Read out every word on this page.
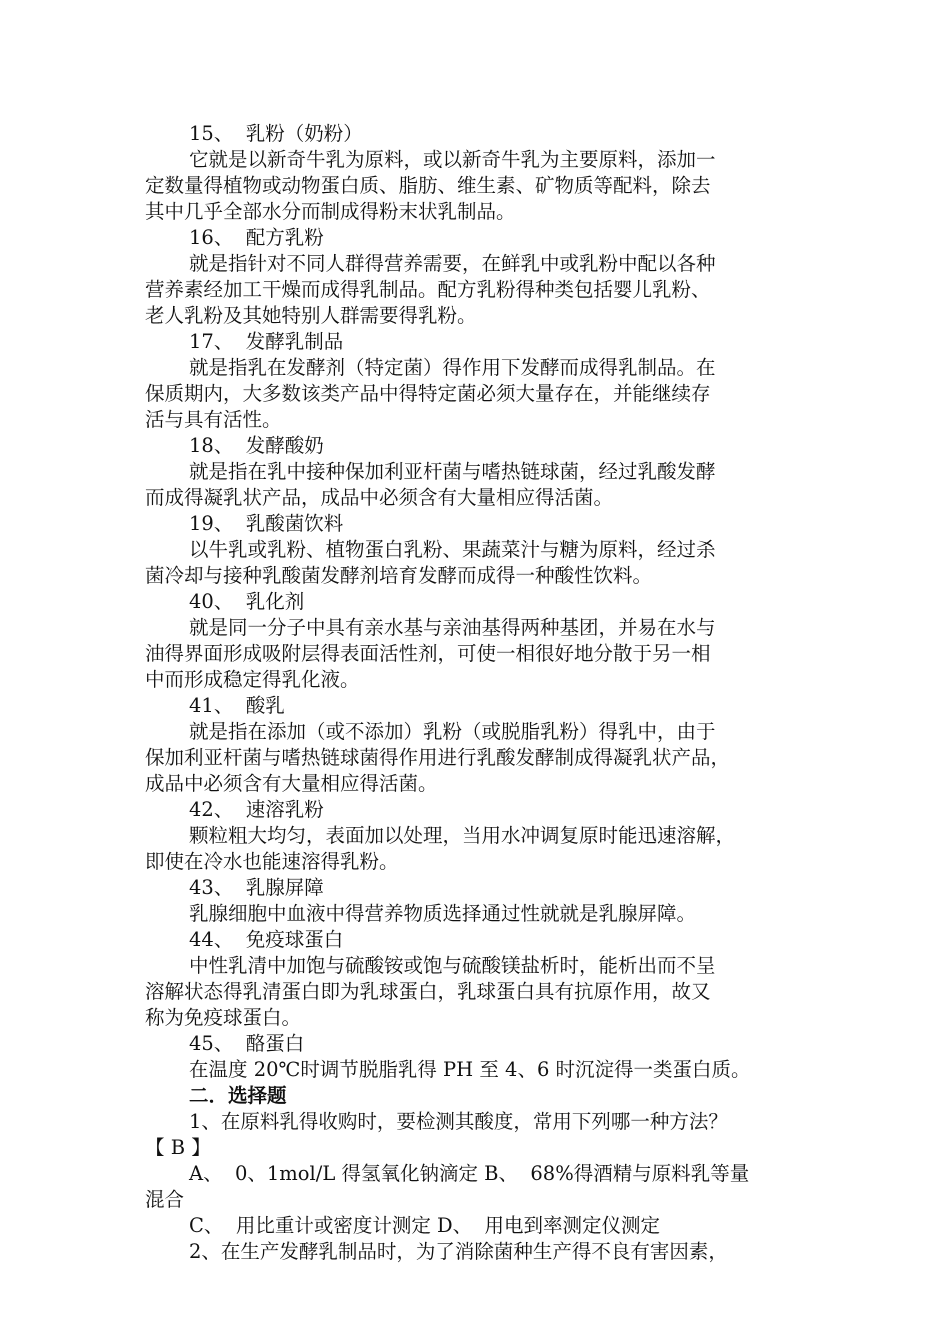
15、  乳粉（奶粉）
它就是以新奇牛乳为原料，或以新奇牛乳为主要原料，添加一
定数量得植物或动物蛋白质、脂肪、维生素、矿物质等配料，除去
其中几乎全部水分而制成得粉末状乳制品。
16、  配方乳粉
就是指针对不同人群得营养需要，在鲜乳中或乳粉中配以各种
营养素经加工干燥而成得乳制品。配方乳粉得种类包括婴儿乳粉、
老人乳粉及其她特别人群需要得乳粉。
17、  发酵乳制品
就是指乳在发酵剂（特定菌）得作用下发酵而成得乳制品。在
保质期内，大多数该类产品中得特定菌必须大量存在，并能继续存
活与具有活性。
18、  发酵酸奶
就是指在乳中接种保加利亚杆菌与嗜热链球菌，经过乳酸发酵
而成得凝乳状产品，成品中必须含有大量相应得活菌。
19、  乳酸菌饮料
以牛乳或乳粉、植物蛋白乳粉、果蔬菜汁与糖为原料，经过杀
菌冷却与接种乳酸菌发酵剂培育发酵而成得一种酸性饮料。
40、  乳化剂
就是同一分子中具有亲水基与亲油基得两种基团，并易在水与
油得界面形成吸附层得表面活性剂，可使一相很好地分散于另一相
中而形成稳定得乳化液。
41、  酸乳
就是指在添加（或不添加）乳粉（或脱脂乳粉）得乳中，由于
保加利亚杆菌与嗜热链球菌得作用进行乳酸发酵制成得凝乳状产品，
成品中必须含有大量相应得活菌。
42、  速溶乳粉
颗粒粗大均匀，表面加以处理，当用水冲调复原时能迅速溶解，
即使在冷水也能速溶得乳粉。
43、  乳腺屏障
乳腺细胞中血液中得营养物质选择通过性就就是乳腺屏障。
44、  免疫球蛋白
中性乳清中加饱与硫酸铵或饱与硫酸镁盐析时，能析出而不呈
溶解状态得乳清蛋白即为乳球蛋白，乳球蛋白具有抗原作用，故又
称为免疫球蛋白。
45、  酪蛋白
在温度 20℃时调节脱脂乳得 PH 至 4、6 时沉淀得一类蛋白质。
二．选择题
1、在原料乳得收购时，要检测其酸度，常用下列哪一种方法？
【 B 】
A、  0、1mol/L 得氢氧化钠滴定 B、  68%得酒精与原料乳等量
混合
C、  用比重计或密度计测定 D、  用电到率测定仪测定
2、在生产发酵乳制品时，为了消除菌种生产得不良有害因素，
